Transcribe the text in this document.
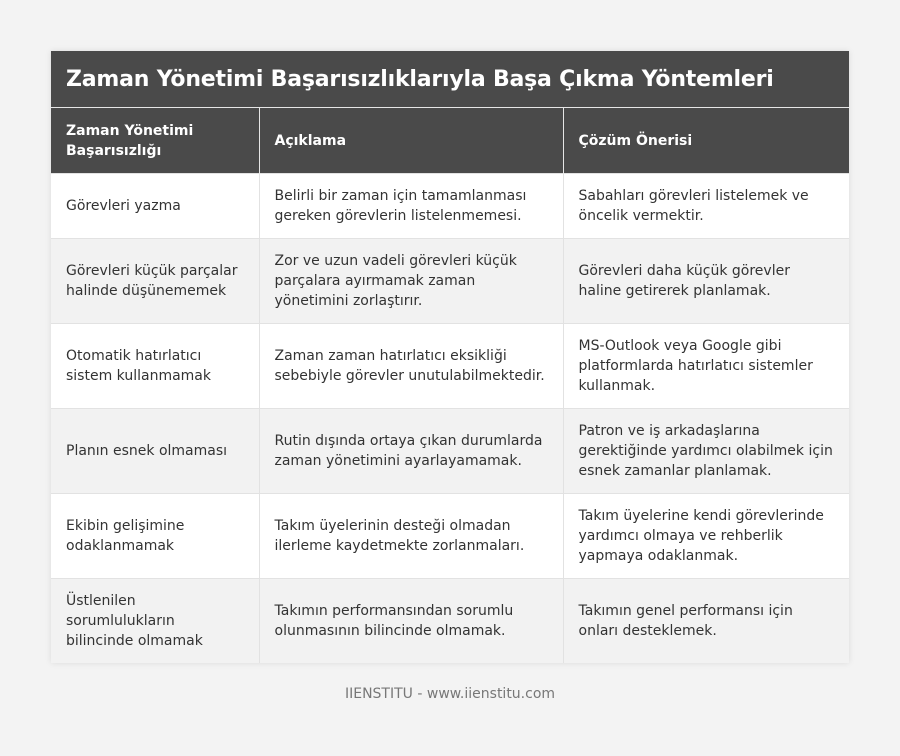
Zaman Yönetimi Başarısızlıklarıyla Başa Çıkma Yöntemleri
Zaman Yönetimi Başarısızlığı	Açıklama	Çözüm Önerisi
Görevleri yazma	Belirli bir zaman için tamamlanması gereken görevlerin listelenmemesi.	Sabahları görevleri listelemek ve öncelik vermektir.
Görevleri küçük parçalar halinde düşünememek	Zor ve uzun vadeli görevleri küçük parçalara ayırmamak zaman yönetimini zorlaştırır.	Görevleri daha küçük görevler haline getirerek planlamak.
Otomatik hatırlatıcı sistem kullanmamak	Zaman zaman hatırlatıcı eksikliği sebebiyle görevler unutulabilmektedir.	MS-Outlook veya Google gibi platformlarda hatırlatıcı sistemler kullanmak.
Planın esnek olmaması	Rutin dışında ortaya çıkan durumlarda zaman yönetimini ayarlayamamak.	Patron ve iş arkadaşlarına gerektiğinde yardımcı olabilmek için esnek zamanlar planlamak.
Ekibin gelişimine odaklanmamak	Takım üyelerinin desteği olmadan ilerleme kaydetmekte zorlanmaları.	Takım üyelerine kendi görevlerinde yardımcı olmaya ve rehberlik yapmaya odaklanmak.
Üstlenilen sorumlulukların bilincinde olmamak	Takımın performansından sorumlu olunmasının bilincinde olmamak.	Takımın genel performansı için onları desteklemek.
IIENSTITU - www.iienstitu.com
